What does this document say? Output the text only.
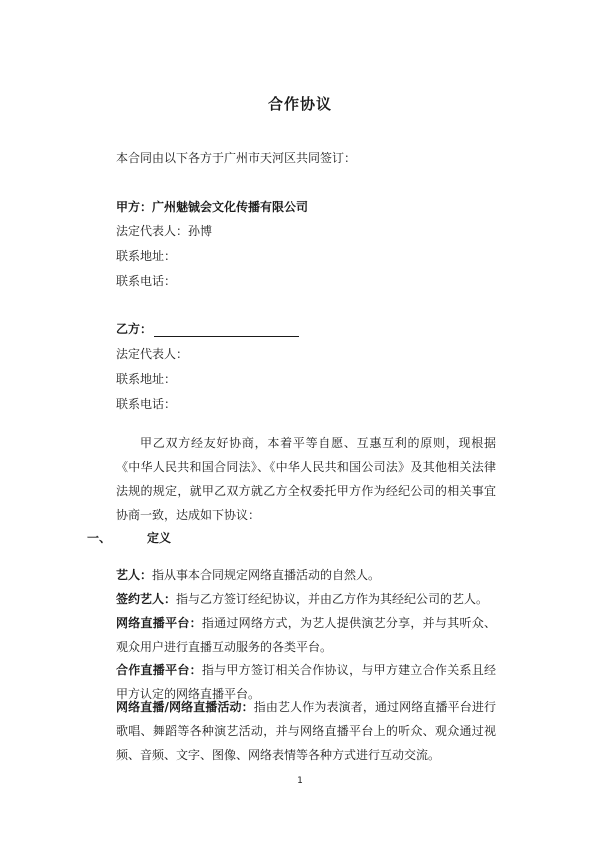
合作协议
本合同由以下各方于广州市天河区共同签订：
甲方：广州魅铖会文化传播有限公司
法定代表人：孙博
联系地址：
联系电话：
乙方：
法定代表人：
联系地址：
联系电话：
甲乙双方经友好协商，本着平等自愿、互惠互利的原则，现根据《中华人民共和国合同法》、《中华人民共和国公司法》及其他相关法律法规的规定，就甲乙双方就乙方全权委托甲方作为经纪公司的相关事宜协商一致，达成如下协议：
一、	定义
艺人：指从事本合同规定网络直播活动的自然人。
签约艺人：指与乙方签订经纪协议，并由乙方作为其经纪公司的艺人。
网络直播平台：指通过网络方式，为艺人提供演艺分享，并与其听众、观众用户进行直播互动服务的各类平台。
合作直播平台：指与甲方签订相关合作协议，与甲方建立合作关系且经甲方认定的网络直播平台。
网络直播/网络直播活动：指由艺人作为表演者，通过网络直播平台进行歌唱、舞蹈等各种演艺活动，并与网络直播平台上的听众、观众通过视频、音频、文字、图像、网络表情等各种方式进行互动交流。
1
